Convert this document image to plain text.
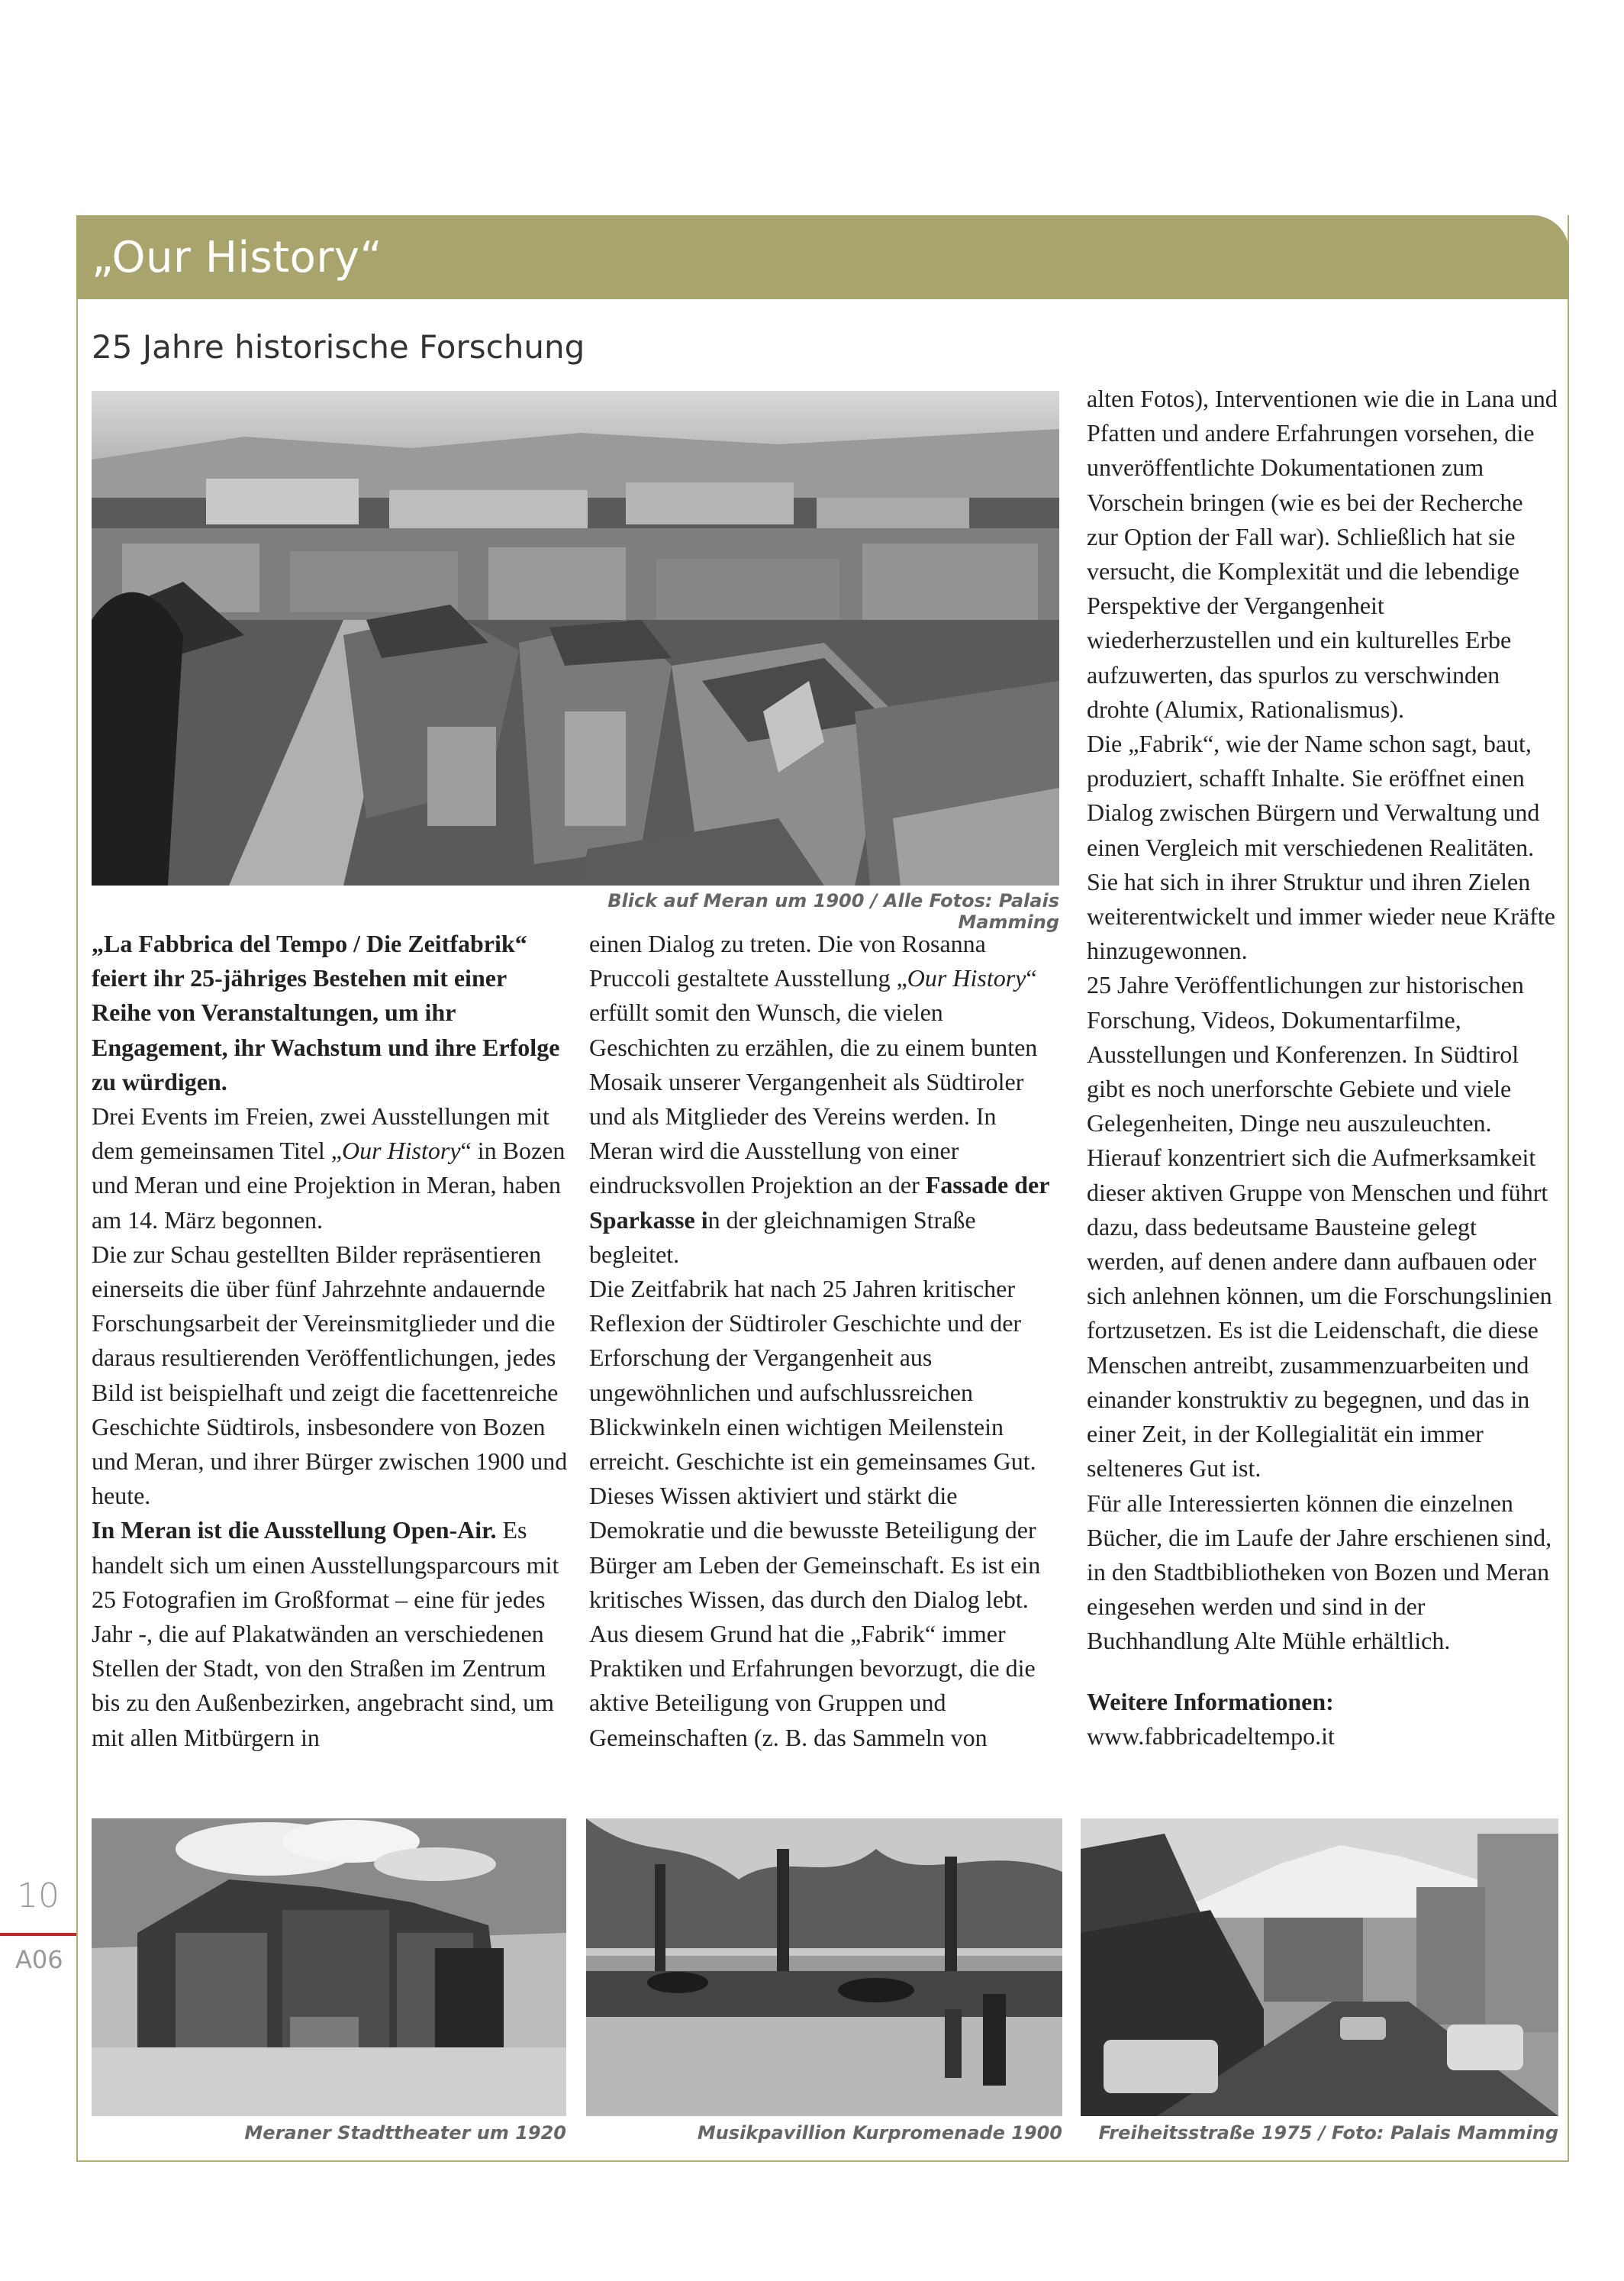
„Our History“
25 Jahre historische Forschung
Blick auf Meran um 1900 / Alle Fotos: Palais Mamming

„La Fabbrica del Tempo / Die Zeitfabrik“ feiert ihr 25-jähriges Bestehen mit einer Reihe von Veranstaltungen, um ihr Engagement, ihr Wachstum und ihre Erfolge zu würdigen.

Drei Events im Freien, zwei Ausstellungen mit dem gemeinsamen Titel „Our History“ in Bozen und Meran und eine Projektion in Meran, haben am 14. März begonnen.

Die zur Schau gestellten Bilder repräsentieren einerseits die über fünf Jahrzehnte andauernde Forschungsarbeit der Vereinsmitglieder und die daraus resultierenden Veröffentlichungen, jedes Bild ist beispielhaft und zeigt die facettenreiche Geschichte Südtirols, insbesondere von Bozen und Meran, und ihrer Bürger zwischen 1900 und heute.

In Meran ist die Ausstellung Open-Air. Es handelt sich um einen Ausstellungsparcours mit 25 Fotografien im Großformat – eine für jedes Jahr -, die auf Plakatwänden an verschiedenen Stellen der Stadt, von den Straßen im Zentrum bis zu den Außenbezirken, angebracht sind, um mit allen Mitbürgern in

einen Dialog zu treten. Die von Rosanna Pruccoli gestaltete Ausstellung „Our History“ erfüllt somit den Wunsch, die vielen Geschichten zu erzählen, die zu einem bunten Mosaik unserer Vergangenheit als Südtiroler und als Mitglieder des Vereins werden. In Meran wird die Ausstellung von einer eindrucksvollen Projektion an der Fassade der Sparkasse in der gleichnamigen Straße begleitet.

Die Zeitfabrik hat nach 25 Jahren kritischer Reflexion der Südtiroler Geschichte und der Erforschung der Vergangenheit aus ungewöhnlichen und aufschlussreichen Blickwinkeln einen wichtigen Meilenstein erreicht. Geschichte ist ein gemeinsames Gut. Dieses Wissen aktiviert und stärkt die Demokratie und die bewusste Beteiligung der Bürger am Leben der Gemeinschaft. Es ist ein kritisches Wissen, das durch den Dialog lebt. Aus diesem Grund hat die „Fabrik“ immer Praktiken und Erfahrungen bevorzugt, die die aktive Beteiligung von Gruppen und Gemeinschaften (z. B. das Sammeln von

alten Fotos), Interventionen wie die in Lana und Pfatten und andere Erfahrungen vorsehen, die unveröffentlichte Dokumentationen zum Vorschein bringen (wie es bei der Recherche zur Option der Fall war). Schließlich hat sie versucht, die Komplexität und die lebendige Perspektive der Vergangenheit wiederherzustellen und ein kulturelles Erbe aufzuwerten, das spurlos zu verschwinden drohte (Alumix, Rationalismus).

Die „Fabrik“, wie der Name schon sagt, baut, produziert, schafft Inhalte. Sie eröffnet einen Dialog zwischen Bürgern und Verwaltung und einen Vergleich mit verschiedenen Realitäten. Sie hat sich in ihrer Struktur und ihren Zielen weiterentwickelt und immer wieder neue Kräfte hinzugewonnen.

25 Jahre Veröffentlichungen zur historischen Forschung, Videos, Dokumentarfilme, Ausstellungen und Konferenzen. In Südtirol gibt es noch unerforschte Gebiete und viele Gelegenheiten, Dinge neu auszuleuchten. Hierauf konzentriert sich die Aufmerksamkeit dieser aktiven Gruppe von Menschen und führt dazu, dass bedeutsame Bausteine gelegt werden, auf denen andere dann aufbauen oder sich anlehnen können, um die Forschungslinien fortzusetzen. Es ist die Leidenschaft, die diese Menschen antreibt, zusammenzuarbeiten und einander konstruktiv zu begegnen, und das in einer Zeit, in der Kollegialität ein immer selteneres Gut ist.

Für alle Interessierten können die einzelnen Bücher, die im Laufe der Jahre erschienen sind, in den Stadtbibliotheken von Bozen und Meran eingesehen werden und sind in der Buchhandlung Alte Mühle erhältlich.

Weitere Informationen:

www.fabbricadeltempo.it

Meraner Stadttheater um 1920	Musikpavillion Kurpromenade 1900	Freiheitsstraße 1975 / Foto: Palais Mamming
10
A06
